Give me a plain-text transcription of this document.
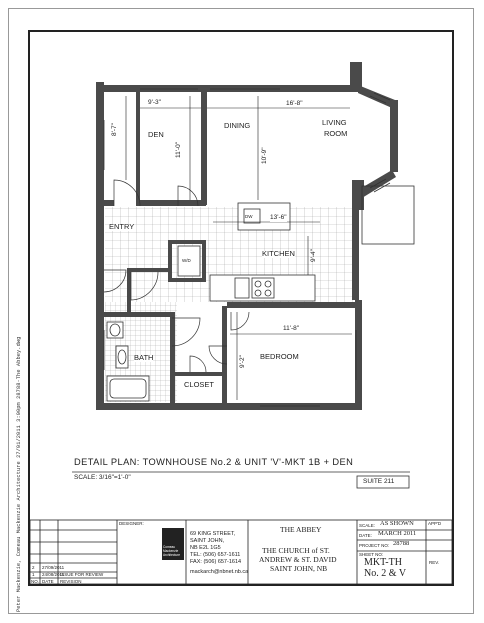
Peter Mackenzie, Comeau Mackenzie Architecture 27/01/2011 3:00pm 28788-The Abbey.dwg
DEN
DINING	LIVING
ROOM
ENTRY
KITCHEN
BATH
CLOSET
BEDROOM
9'-3"
8'-7"
11'-0"
16'-8"
10'-9"
13'-6"
9'-4"
11'-8"
9'-2"
DW
W/D
DETAIL PLAN: TOWNHOUSE No.2 & UNIT 'V'-MKT 1B + DEN
SCALE: 3/16"=1'-0"
SUITE 211
2 27/09/2011
1 24/08/2011
ISSUE FOR REVIEW
NO. DATE REVISION
DESIGNER:
Comeau
Mackenzie
Architecture
69 KING STREET,
SAINT JOHN,
NB E2L 1G5
TEL: (506) 657-1611
FAX: (506) 657-1614
mackarch@nbnet.nb.ca
THE ABBEY
THE CHURCH of ST.
ANDREW & ST. DAVID
SAINT JOHN, NB
SCALE: AS SHOWN	APP'D
DATE: MARCH 2011
PROJECT NO: 28788
SHEET NO:
MKT-TH
No. 2 & V
REV.
